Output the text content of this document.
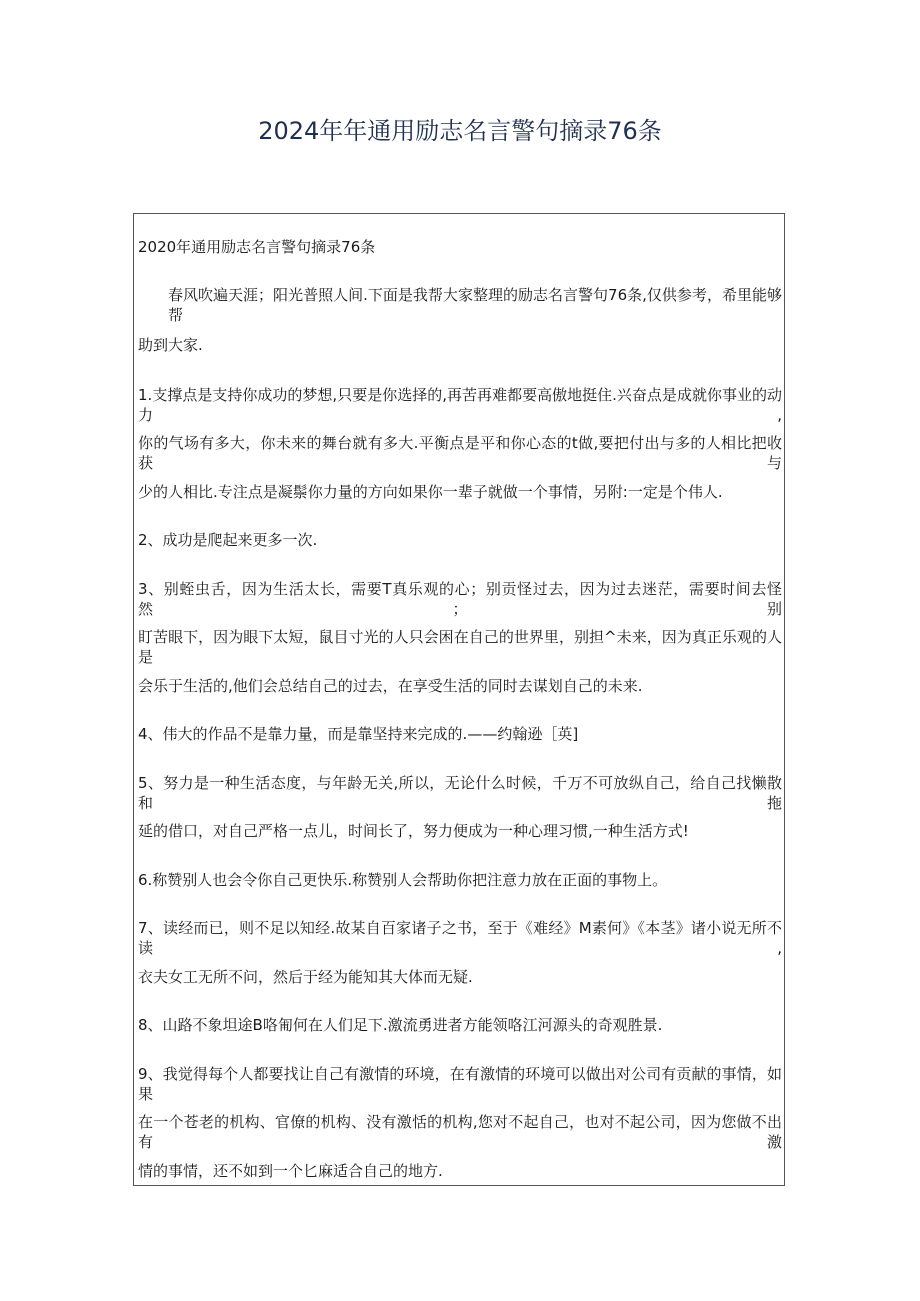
2024年年通用励志名言警句摘录76条
2020年通用励志名言警句摘录76条
春风吹遍天涯；阳光普照人间.下面是我帮大家整理的励志名言警句76条,仅供参考，希里能够帮
助到大家.
1.支撑点是支持你成功的梦想,只要是你选择的,再苦再难都要高傲地挺住.兴奋点是成就你事业的动力,
你的气场有多大，你未来的舞台就有多大.平衡点是平和你心态的t做,要把付出与多的人相比把收获与
少的人相比.专注点是凝鬃你力量的方向如果你一辈子就做一个事情，另附:一定是个伟人.
2、成功是爬起来更多一次.
3、别蛭虫舌，因为生活太长，需要T真乐观的心；别贡怪过去，因为过去迷茫，需要时间去怪然；别
盯苦眼下，因为眼下太短，鼠目寸光的人只会困在自己的世界里，别担^未来，因为真正乐观的人是
会乐于生活的,他们会总结自己的过去，在享受生活的同时去谋划自己的未来.
4、伟大的作品不是靠力量，而是靠坚持来完成的.——约翰逊［英]
5、努力是一种生活态度，与年龄无关,所以，无论什么时候，千万不可放纵自己，给自己找懒散和拖
延的借口，对自己严格一点儿，时间长了，努力便成为一种心理习惯,一种生活方式!
6.称赞别人也会令你自己更快乐.称赞别人会帮助你把注意力放在正面的事物上。
7、读经而已，则不足以知经.故某自百家诸子之书，至于《难经》M素何》《本茎》诸小说无所不读,
衣夫女工无所不问，然后于经为能知其大体而无疑.
8、山路不象坦途B咯匍何在人们足下.激流勇进者方能领咯江河源头的奇观胜景.
9、我觉得每个人都要找让自己有激情的环境，在有激情的环境可以做出对公司有贡献的事情，如果
在一个苍老的机构、官僚的机构、没有激恬的机构,您对不起自己，也对不起公司，因为您做不出有激
情的事情，还不如到一个匕麻适合自己的地方.
